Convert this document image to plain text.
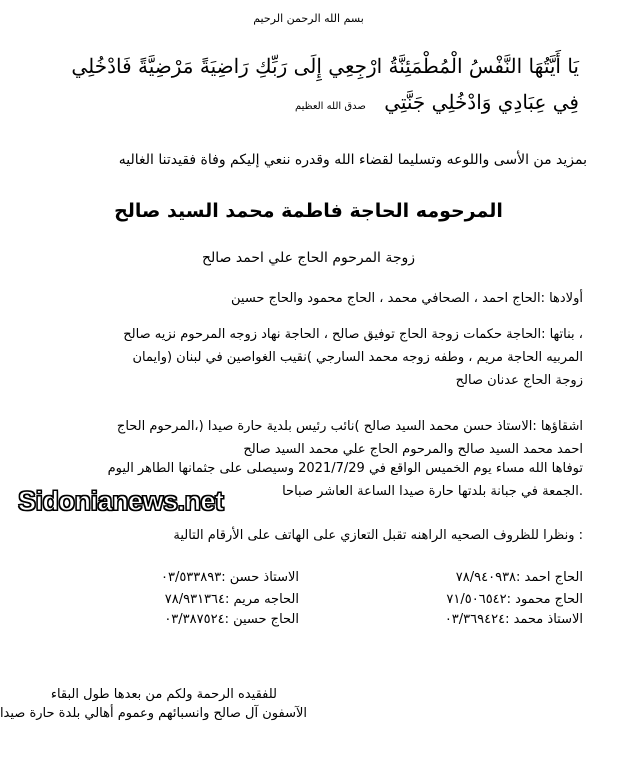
بسم الله الرحمن الرحيم
يَا أَيَّتُهَا النَّفْسُ الْمُطْمَئِنَّةُ ارْجِعِي إِلَى رَبِّكِ رَاضِيَةً مَرْضِيَّةً فَادْخُلِي
فِي عِبَادِي وَادْخُلِي جَنَّتِي صدق الله العظيم
بمزيد من الأسى واللوعه وتسليما لقضاء الله وقدره ننعي إليكم وفاة فقيدتنا الغاليه
المرحومه الحاجة فاطمة محمد السيد صالح
زوجة المرحوم الحاج علي احمد صالح
أولادها :الحاج احمد ، الصحافي محمد ، الحاج محمود والحاج حسين
، بناتها :الحاجة حكمات زوجة الحاج توفيق صالح ، الحاجة نهاد زوجه المرحوم نزيه صالح
المربيه الحاجة مريم ، وطفه زوجه محمد السارجي )نقيب الغواصين في لبنان (وايمان
زوجة الحاج عدنان صالح
اشقاؤها :الاستاذ حسن محمد السيد صالح )نائب رئيس بلدية حارة صيدا (،المرحوم الحاج
احمد محمد السيد صالح والمرحوم الحاج علي محمد السيد صالح
توفاها الله مساء يوم الخميس الواقع في 2021/7/29 وسيصلى على جثمانها الطاهر اليوم
.الجمعة في جبانة بلدتها حارة صيدا الساعة العاشر صباحا
Sidonianews.net
: ونظرا للظروف الصحيه الراهنه تقبل التعازي على الهاتف على الأرقام التالية
الحاج احمد :٧٨/٩٤٠٩٣٨
الحاج محمود :٧١/٥٠٦٥٤٢
الاستاذ محمد :٠٣/٣٦٩٤٢٤
الاستاذ حسن :٠٣/٥٣٣٨٩٣
الحاجه مريم :٧٨/٩٣١٣٦٤
الحاج حسين :٠٣/٣٨٧٥٢٤
للفقيده الرحمة ولكم من بعدها طول البقاء
الآسفون آل صالح وانسبائهم وعموم أهالي بلدة حارة صيدا
